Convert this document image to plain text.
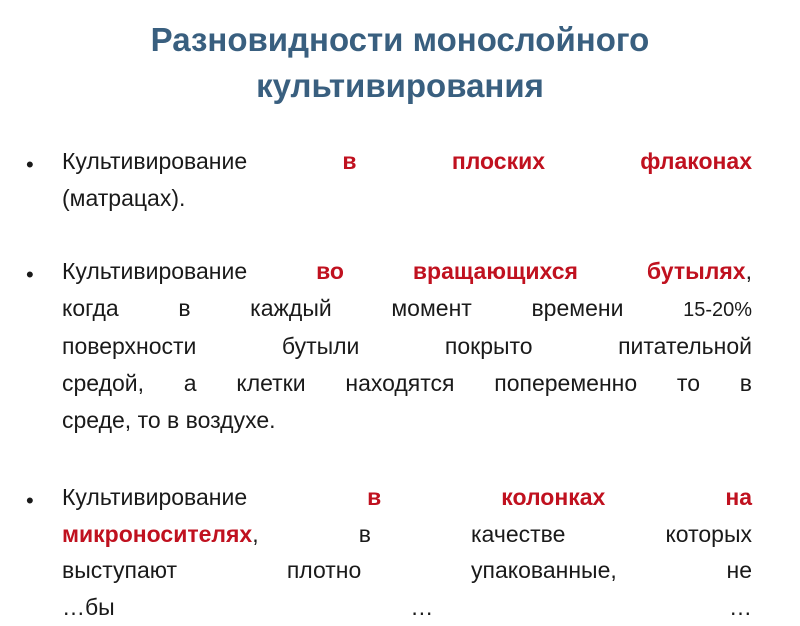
Разновидности монослойного
культивирования
• Культивирование	в плоских флаконах
(матрацах).
• Культивирование	во вращающихся бутылях,
когда в каждый момент времени	15-20%
поверхности бутыли покрыто питательной
средой, а клетки находятся попеременно то в
среде, то в воздухе.
• Культивирование	в колонках на
микроносителях, в качестве которых
выступают плотно упакованные, не
…бы … …
